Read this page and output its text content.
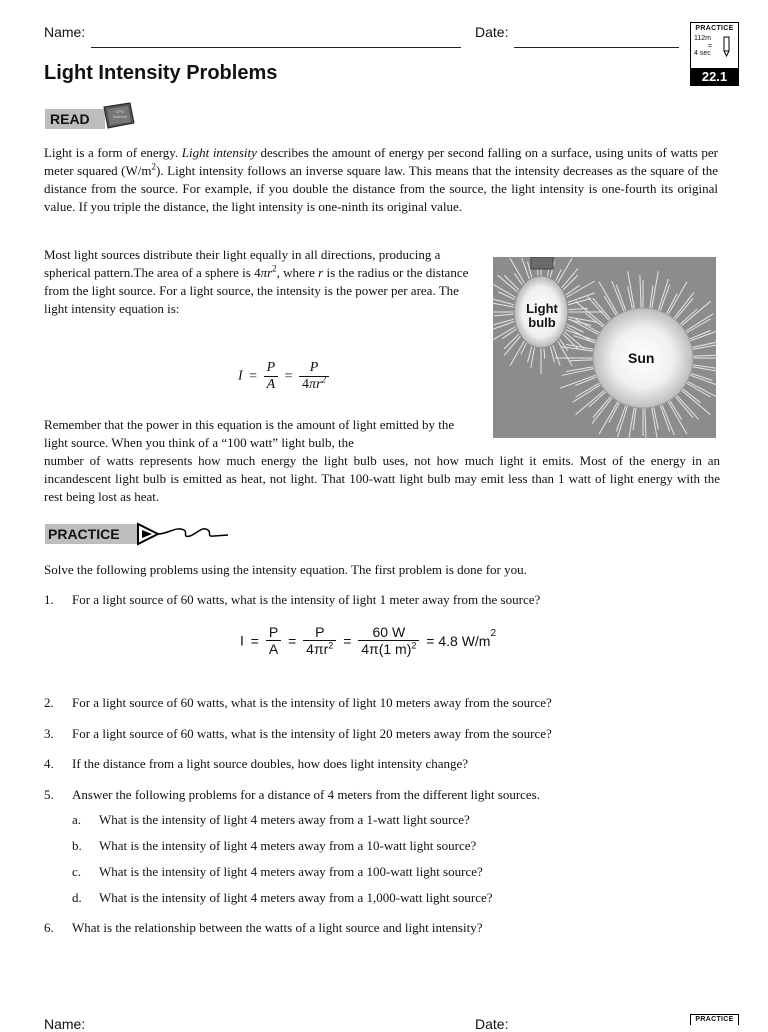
Name:	Date:	PRACTICE
112m
=
4 sec
22.1
Light Intensity Problems
READ	CPO Science
Light is a form of energy. Light intensity describes the amount of energy per second falling on a surface, using units of watts per meter squared $(W/m^2)$. Light intensity follows an inverse square law. This means that the intensity decreases as the square of the distance from the source. For example, if you double the distance from the source, the light intensity is one-fourth its original value. If you triple the distance, the light intensity is one-ninth its original value.
Most light sources distribute their light equally in all directions, producing a spherical pattern.The area of a sphere is $4\pi r^2$, where r is the radius or the distance from the light source. For a light source, the intensity is the power per area. The light intensity equation is:
$I = \frac{P}{A} = \frac{P}{4\pi r^2}$
Light
bulb
Sun
Remember that the power in this equation is the amount of light emitted by the light source. When you think of a “100 watt” light bulb, the
number of watts represents how much energy the light bulb uses, not how much light it emits. Most of the energy in an incandescent light bulb is emitted as heat, not light. That 100-watt light bulb may emit less than 1 watt of light energy with the rest being lost as heat.
PRACTICE
Solve the following problems using the intensity equation. The first problem is done for you.
1. For a light source of 60 watts, what is the intensity of light 1 meter away from the source?
$I = \frac{P}{A} = \frac{P}{4\pi r^2} = \frac{60 W}{4\pi(1 m)^2} = 4.8$ $W/m^2$
2. For a light source of 60 watts, what is the intensity of light 10 meters away from the source?
3. For a light source of 60 watts, what is the intensity of light 20 meters away from the source?
4. If the distance from a light source doubles, how does light intensity change?
5. Answer the following problems for a distance of 4 meters from the different light sources.
a. What is the intensity of light 4 meters away from a 1-watt light source?
b. What is the intensity of light 4 meters away from a 10-watt light source?
c. What is the intensity of light 4 meters away from a 100-watt light source?
d. What is the intensity of light 4 meters away from a 1,000-watt light source?
6. What is the relationship between the watts of a light source and light intensity?
Name:	Date:	PRACTICE
